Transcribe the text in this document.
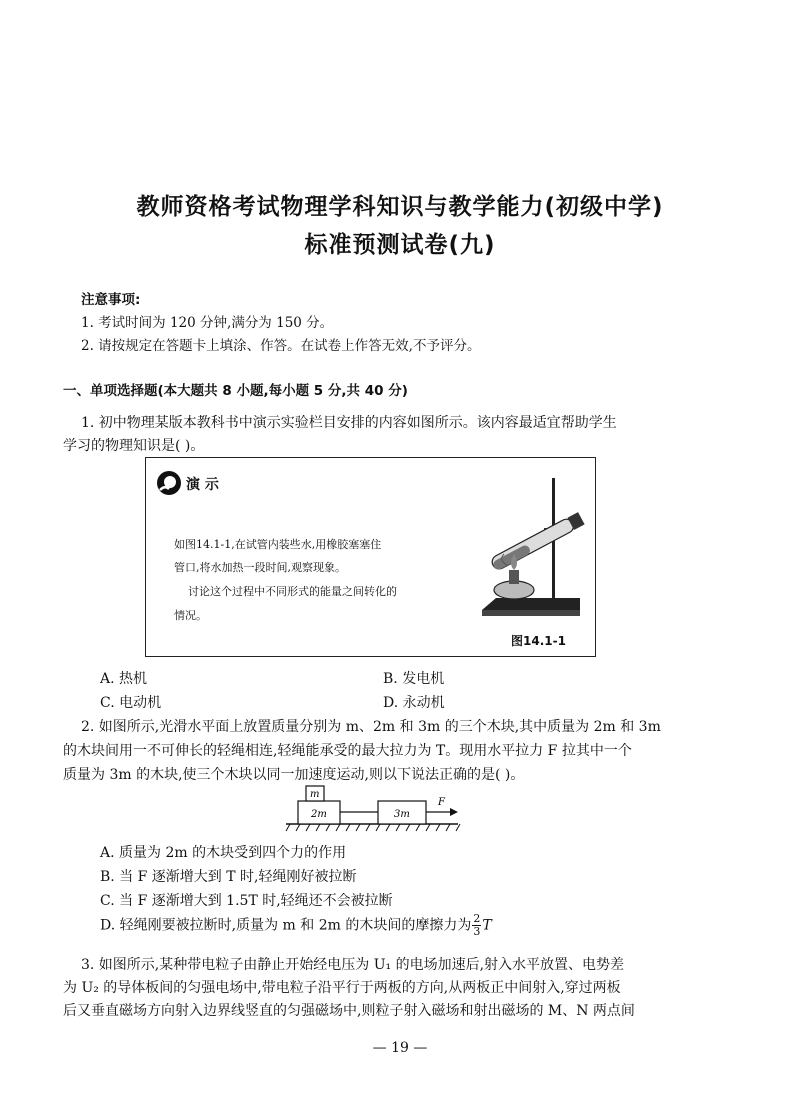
教师资格考试物理学科知识与教学能力(初级中学)
标准预测试卷(九)
注意事项:
1. 考试时间为 120 分钟,满分为 150 分。
2. 请按规定在答题卡上填涂、作答。在试卷上作答无效,不予评分。
一、单项选择题(本大题共 8 小题,每小题 5 分,共 40 分)
1. 初中物理某版本教科书中演示实验栏目安排的内容如图所示。该内容最适宜帮助学生
学习的物理知识是( )。
演 示
如图14.1-1,在试管内装些水,用橡胶塞塞住
管口,将水加热一段时间,观察现象。
讨论这个过程中不同形式的能量之间转化的
情况。
图14.1-1
A. 热机	B. 发电机
C. 电动机	D. 永动机
2. 如图所示,光滑水平面上放置质量分别为 m、2m 和 3m 的三个木块,其中质量为 2m 和 3m
的木块间用一不可伸长的轻绳相连,轻绳能承受的最大拉力为 T。现用水平拉力 F 拉其中一个
质量为 3m 的木块,使三个木块以同一加速度运动,则以下说法正确的是( )。
m
2m	3m
F
A. 质量为 2m 的木块受到四个力的作用
B. 当 F 逐渐增大到 T 时,轻绳刚好被拉断
C. 当 F 逐渐增大到 1.5T 时,轻绳还不会被拉断
D. 轻绳刚要被拉断时,质量为 m 和 2m 的木块间的摩擦力为 $\frac{2}{3}$ T
3. 如图所示,某种带电粒子由静止开始经电压为 U₁ 的电场加速后,射入水平放置、电势差
为 U₂ 的导体板间的匀强电场中,带电粒子沿平行于两板的方向,从两板正中间射入,穿过两板
后又垂直磁场方向射入边界线竖直的匀强磁场中,则粒子射入磁场和射出磁场的 M、N 两点间
— 19 —
